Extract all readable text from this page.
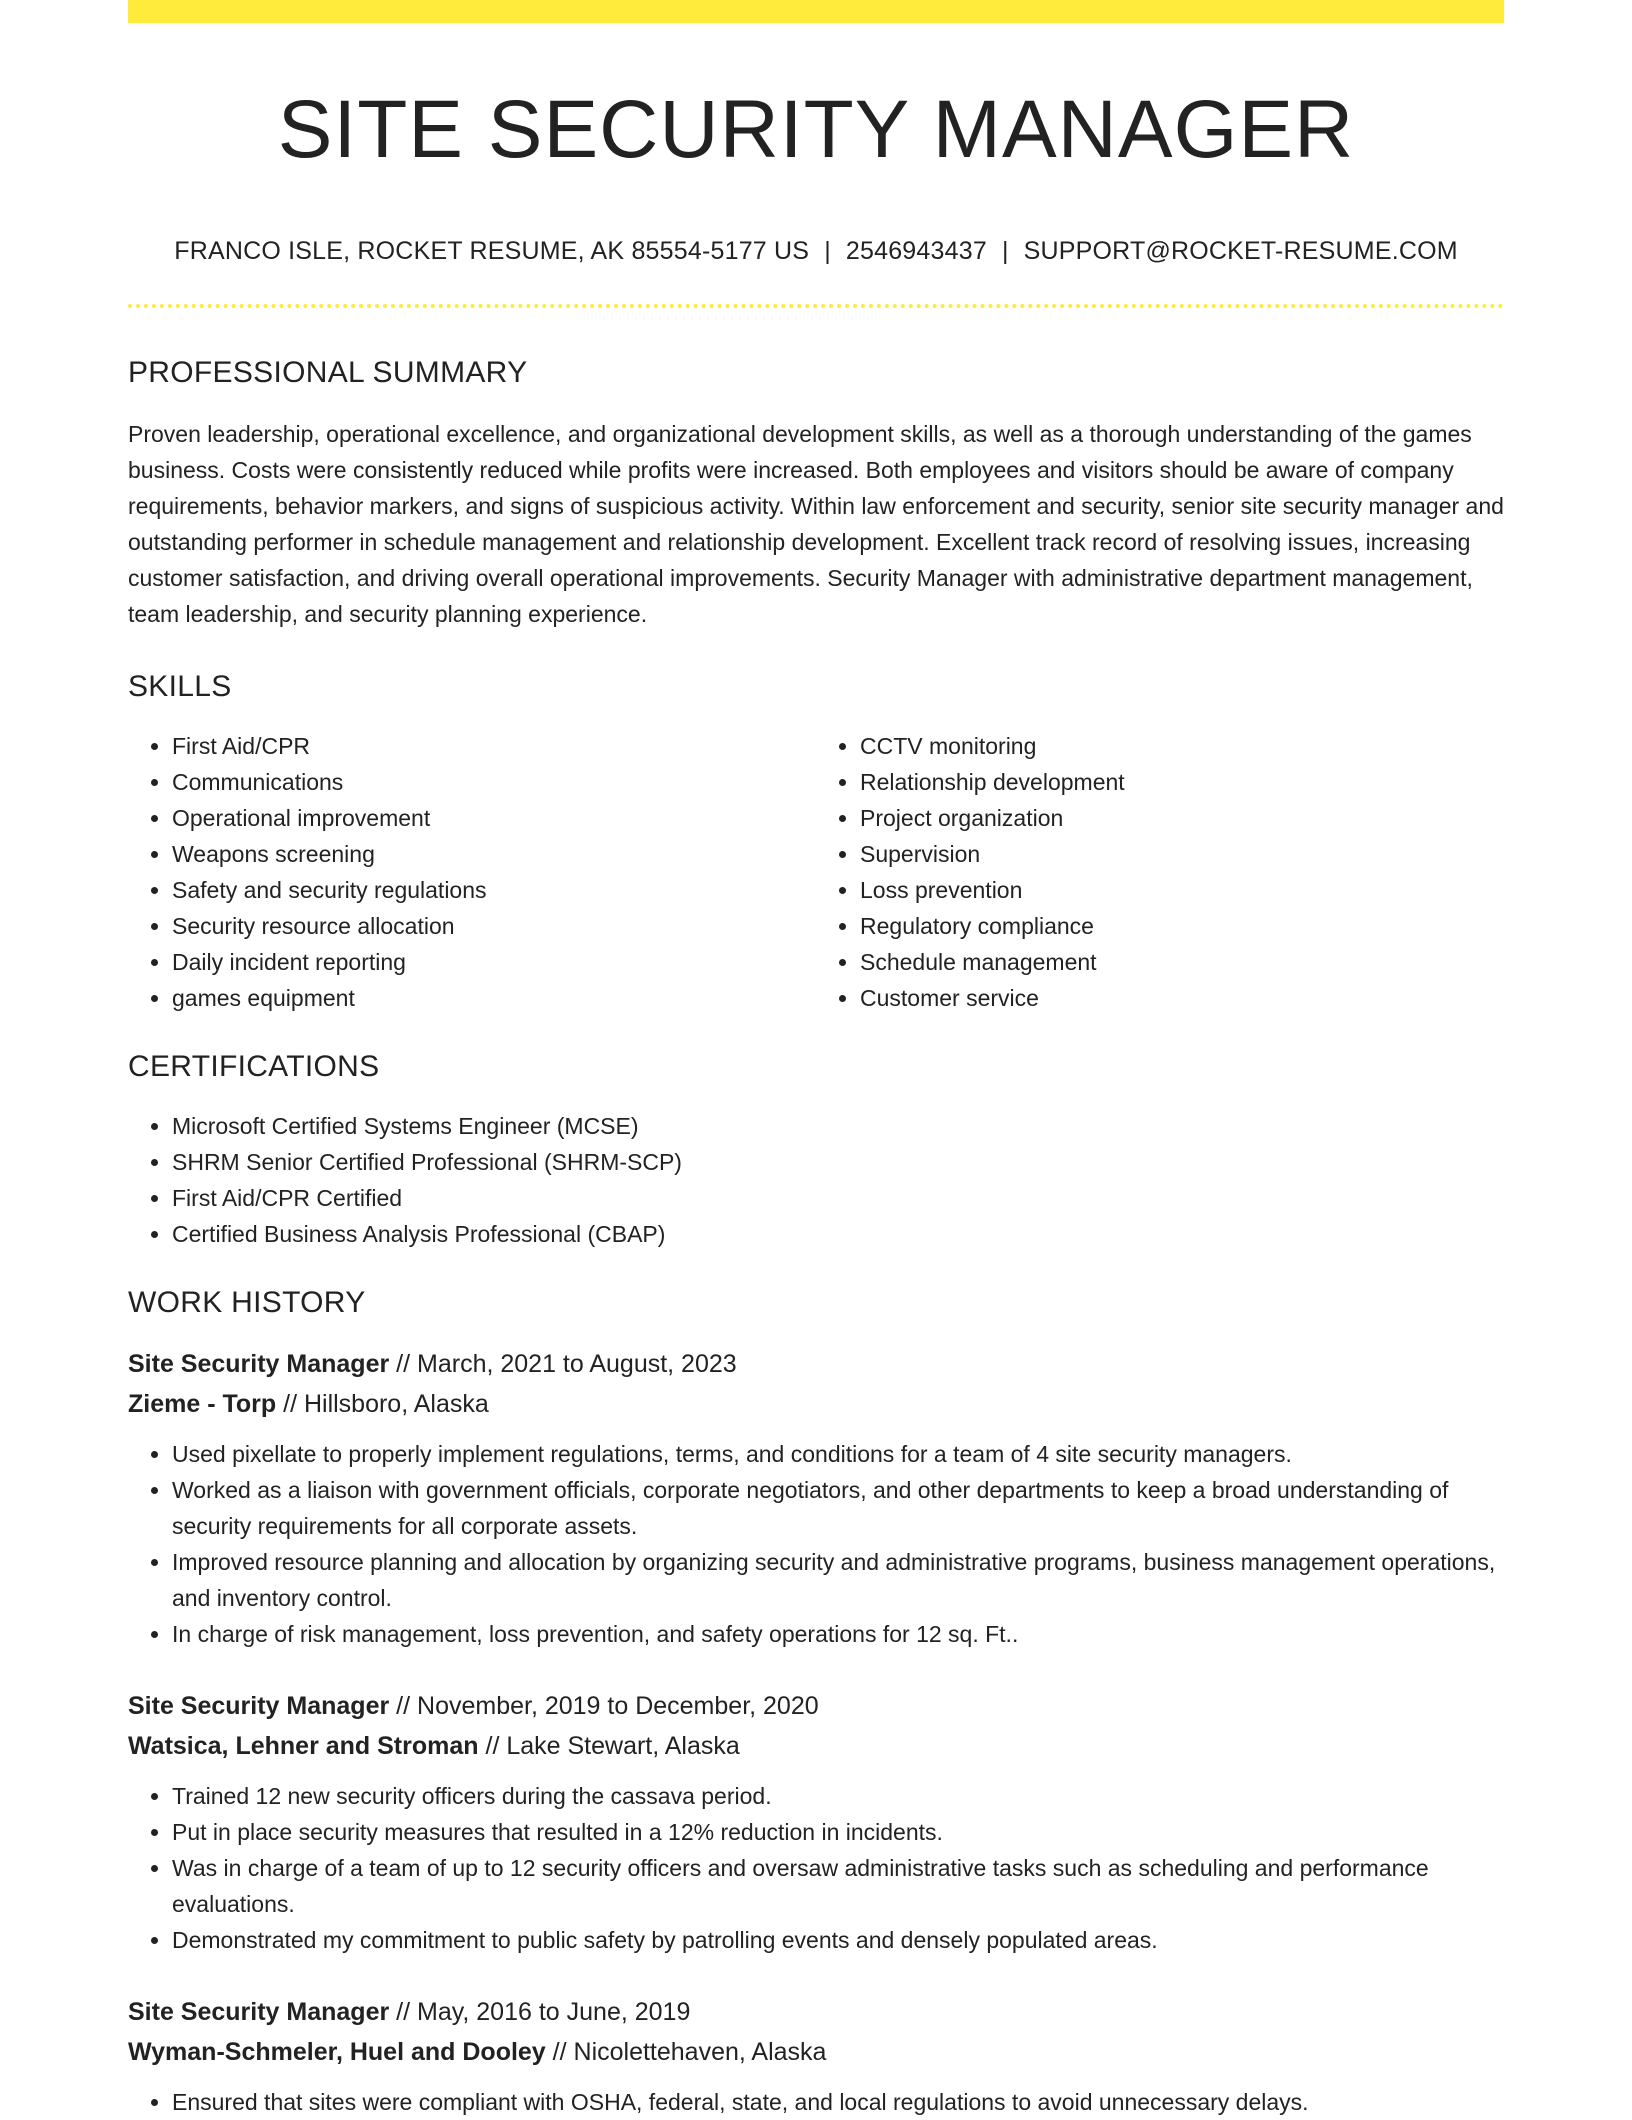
SITE SECURITY MANAGER
FRANCO ISLE, ROCKET RESUME, AK 85554-5177 US | 2546943437 | SUPPORT@ROCKET-RESUME.COM
PROFESSIONAL SUMMARY

Proven leadership, operational excellence, and organizational development skills, as well as a thorough understanding of the games business. Costs were consistently reduced while profits were increased. Both employees and visitors should be aware of company requirements, behavior markers, and signs of suspicious activity. Within law enforcement and security, senior site security manager and outstanding performer in schedule management and relationship development. Excellent track record of resolving issues, increasing customer satisfaction, and driving overall operational improvements. Security Manager with administrative department management, team leadership, and security planning experience.

SKILLS
• First Aid/CPR
• Communications
• Operational improvement
• Weapons screening
• Safety and security regulations
• Security resource allocation
• Daily incident reporting
• games equipment
• CCTV monitoring
• Relationship development
• Project organization
• Supervision
• Loss prevention
• Regulatory compliance
• Schedule management
• Customer service
CERTIFICATIONS
• Microsoft Certified Systems Engineer (MCSE)
• SHRM Senior Certified Professional (SHRM-SCP)
• First Aid/CPR Certified
• Certified Business Analysis Professional (CBAP)
WORK HISTORY
Site Security Manager // March, 2021 to August, 2023
Zieme - Torp // Hillsboro, Alaska
• Used pixellate to properly implement regulations, terms, and conditions for a team of 4 site security managers.
• Worked as a liaison with government officials, corporate negotiators, and other departments to keep a broad understanding of security requirements for all corporate assets.
• Improved resource planning and allocation by organizing security and administrative programs, business management operations, and inventory control.
• In charge of risk management, loss prevention, and safety operations for 12 sq. Ft..
Site Security Manager // November, 2019 to December, 2020
Watsica, Lehner and Stroman // Lake Stewart, Alaska
• Trained 12 new security officers during the cassava period.
• Put in place security measures that resulted in a 12% reduction in incidents.
• Was in charge of a team of up to 12 security officers and oversaw administrative tasks such as scheduling and performance evaluations.
• Demonstrated my commitment to public safety by patrolling events and densely populated areas.
Site Security Manager // May, 2016 to June, 2019
Wyman-Schmeler, Huel and Dooley // Nicolettehaven, Alaska
• Ensured that sites were compliant with OSHA, federal, state, and local regulations to avoid unnecessary delays.
